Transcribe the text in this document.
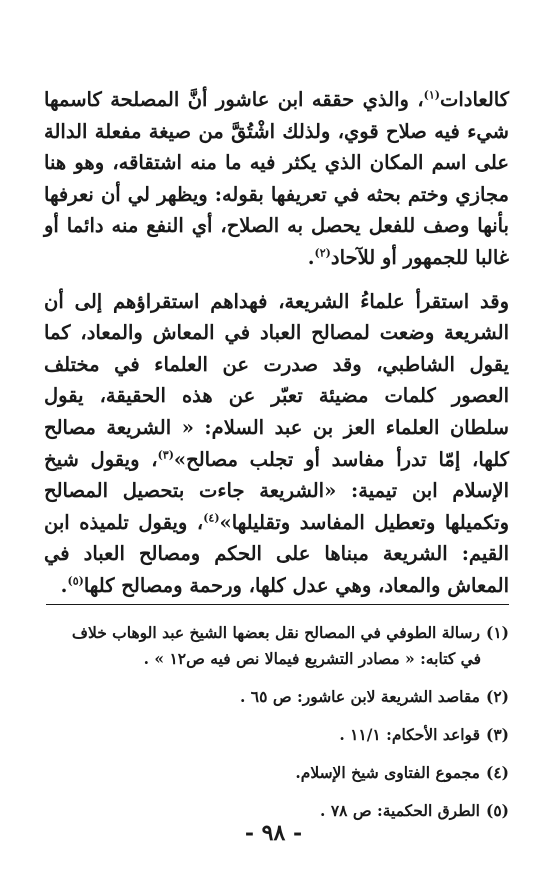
كالعادات$^{(١)}$، والذي حققه ابن عاشور أنَّ المصلحة كاسمها شيء فيه صلاح قوي، ولذلك اشْتُقَّ من صيغة مفعلة الدالة على اسم المكان الذي يكثر فيه ما منه اشتقاقه، وهو هنا مجازي وختم بحثه في تعريفها بقوله: ويظهر لي أن نعرفها بأنها وصف للفعل يحصل به الصلاح، أي النفع منه دائما أو غالبا للجمهور أو للآحاد$^{(٢)}$.

وقد استقرأ علماءُ الشريعة، فهداهم استقراؤهم إلى أن الشريعة وضعت لمصالح العباد في المعاش والمعاد، كما يقول الشاطبي، وقد صدرت عن العلماء في مختلف العصور كلمات مضيئة تعبّر عن هذه الحقيقة، يقول سلطان العلماء العز بن عبد السلام: « الشريعة مصالح كلها، إمّا تدرأ مفاسد أو تجلب مصالح»$^{(٣)}$، ويقول شيخ الإسلام ابن تيمية: «الشريعة جاءت بتحصيل المصالح وتكميلها وتعطيل المفاسد وتقليلها»$^{(٤)}$، ويقول تلميذه ابن القيم: الشريعة مبناها على الحكم ومصالح العباد في المعاش والمعاد، وهي عدل كلها، ورحمة ومصالح كلها$^{(٥)}$.

(١)رسالة الطوفي في المصالح نقل بعضها الشيخ عبد الوهاب خلاف
في كتابه: « مصادر التشريع فيمالا نص فيه ص١٢ » .

(٢)مقاصد الشريعة لابن عاشور: ص ٦٥ .

(٣)قواعد الأحكام: ١١/١ .

(٤)مجموع الفتاوى شيخ الإسلام.

(٥)الطرق الحكمية: ص ٧٨ .

- ٩٨ -
